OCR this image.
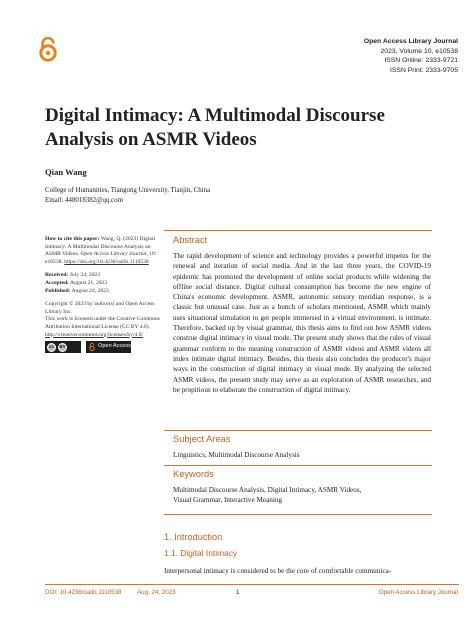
Open Access Library Journal
2023, Volume 10, e10538
ISSN Online: 2333-9721
ISSN Print: 2333-9705
Digital Intimacy: A Multimodal Discourse Analysis on ASMR Videos
Qian Wang
College of Humanities, Tiangong University, Tianjin, China
Email: 448018382@qq.com

How to cite this paper: Wang, Q. (2023) Digital Intimacy: A Multimodal Discourse Analysis on ASMR Videos. Open Access Library Journal, 10: e10538. https://doi.org/10.4236/oalib.1110538

Received: July 24, 2023
Accepted: August 21, 2023
Published: August 24, 2023

Copyright © 2023 by author(s) and Open Access Library Inc.
This work is licensed under the Creative Commons Attribution International License (CC BY 4.0).
http://creativecommons.org/licenses/by/4.0/

cc	BY	Open Access
Abstract
The rapid development of science and technology provides a powerful impetus for the renewal and iteration of social media. And in the last three years, the COVID-19 epidemic has promoted the development of online social products while widening the offline social distance. Digital cultural consumption has become the new engine of China's economic development. ASMR, autonomic sensory meridian response, is a classic but unusual case. Just as a bunch of scholars mentioned, ASMR which mainly uses situational simulation to get people immersed in a virtual environment, is intimate. Therefore, backed up by visual grammar, this thesis aims to find out how ASMR videos construe digital intimacy in visual mode. The present study shows that the rules of visual grammar conform to the meaning construction of ASMR videos and ASMR videos all index intimate digital intimacy. Besides, this thesis also concludes the producer's major ways in the construction of digital intimacy in visual mode. By analyzing the selected ASMR videos, the present study may serve as an exploration of ASMR researches, and be propitious to elaborate the construction of digital intimacy.
Subject Areas
Linguistics, Multimodal Discourse Analysis
Keywords
Multimodal Discourse Analysis, Digital Intimacy, ASMR Videos,
Visual Grammar, Interactive Meaning
1. Introduction
1.1. Digital Intimacy
Interpersonal intimacy is considered to be the core of comfortable communica-
DOI: 10.4236/oalib.1110538	Aug. 24, 2023	1	Open Access Library Journal
